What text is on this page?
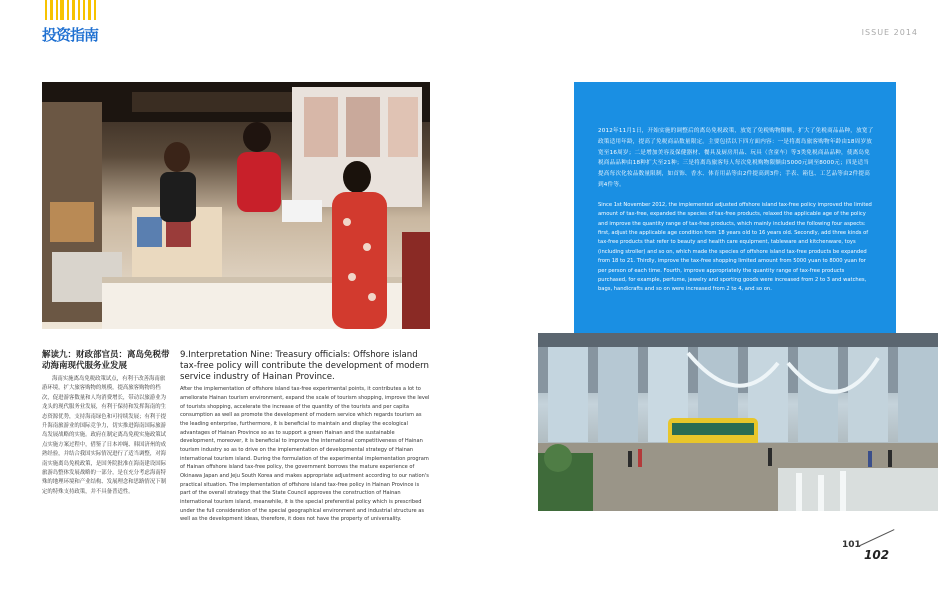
投资指南	ISSUE 2014

2012年11月1日，开始实施的调整后的离岛免税政策，放宽了免税购物限额，扩大了免税商品品种，放宽了政策适用年龄，提高了免税商品数量限定。主要包括以下四方面内容：一是将离岛旅客购物年龄由18周岁放宽至16周岁；二是增加美容及保健器材、餐具及厨房用品、玩具（含童车）等3类免税商品品种，使离岛免税商品品种由18种扩大至21种；三是将离岛旅客每人每次免税购物限额由5000元调至8000元；四是适当提高每次化妆品数量限制，如首饰、香水、体育用品等由2件提高到3件；手表、箱包、工艺品等由2件提高到4件等。

Since 1st November 2012, the implemented adjusted offshore island tax-free policy improved the limited amount of tax-free, expanded the species of tax-free products, relaxed the applicable age of the policy and improve the quantity range of tax-free products, which mainly included the following four aspects: first, adjust the applicable age condition from 18 years old to 16 years old. Secondly, add three kinds of tax-free products that refer to beauty and health care equipment, tableware and kitchenware, toys (including stroller) and so on, which made the species of offshore island tax-free products be expanded from 18 to 21. Thirdly, improve the tax-free shopping limited amount from 5000 yuan to 8000 yuan for per person of each time. Fourth, improve appropriately the quantity range of tax-free products purchased, for example, perfume, jewelry and sporting goods were increased from 2 to 3 and watches, bags, handicrafts and so on were increased from 2 to 4, and so on.

解读九：财政部官员：离岛免税带动海南现代服务业发展

海南实施离岛免税政策试点，有利于改善海南旅游环境，扩大旅客购物的规模，提高旅客购物的档次，促进游客数量和人均消费增长，带动以旅游业为龙头的现代服务业发展，有利于保持和发挥海南的生态资源优势，支持海南绿色和可持续发展；有利于提升海南旅游业的国际竞争力，切实推进海南国际旅游岛发展战略的实施。政府在制定离岛免税实施政策试点实施方案过程中，借鉴了日本冲绳、韩国济州的成熟经验，并结合我国实际情况进行了适当调整，对海南实施离岛免税政策，是国务院批准在海南建设国际旅游岛整体发展战略的一部分，是在充分考虑海南特殊的地理环境和产业结构、发展理念和思路情况下制定的特殊支持政策，并不具备普适性。

9.Interpretation Nine: Treasury officials: Offshore island tax-free policy will contribute the development of modern service industry of Hainan Province.

After the implementation of offshore island tax-free experimental points, it contributes a lot to ameliorate Hainan tourism environment, expand the scale of tourism shopping, improve the level of tourists shopping, accelerate the increase of the quantity of the tourists and per capita consumption as well as promote the development of modern service which regards tourism as the leading enterprise, furthermore, it is beneficial to maintain and display the ecological advantages of Hainan Province so as to support a green Hainan and the sustainable development, moreover, it is beneficial to improve the international competitiveness of Hainan tourism industry so as to drive on the implementation of developmental strategy of Hainan international tourism island. During the formulation of the experimental implementation program of Hainan offshore island tax-free policy, the government borrows the mature experience of Okinawa Japan and Jeju South Korea and makes appropriate adjustment according to our nation's practical situation. The implementation of offshore island tax-free policy in Hainan Province is part of the overall strategy that the State Council approves the construction of Hainan international tourism island, meanwhile, it is the special preferential policy which is prescribed under the full consideration of the special geographical environment and industrial structure as well as the development ideas, therefore, it does not have the property of universality.

101
102
